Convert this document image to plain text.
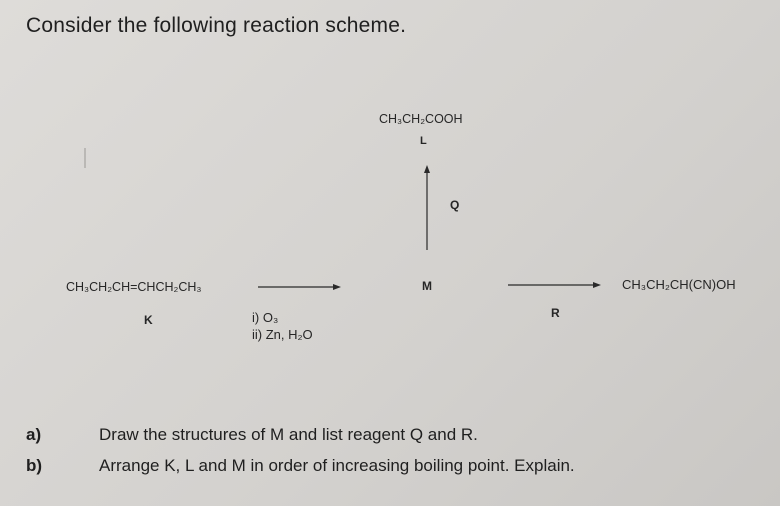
Consider the following reaction scheme.
CH₃CH₂COOH
L
Q
CH₃CH₂CH=CHCH₂CH₃
K
M	CH₃CH₂CH(CN)OH
R
i) O₃
ii) Zn, H₂O
a)	Draw the structures of M and list reagent Q and R.
b)	Arrange K, L and M in order of increasing boiling point. Explain.
